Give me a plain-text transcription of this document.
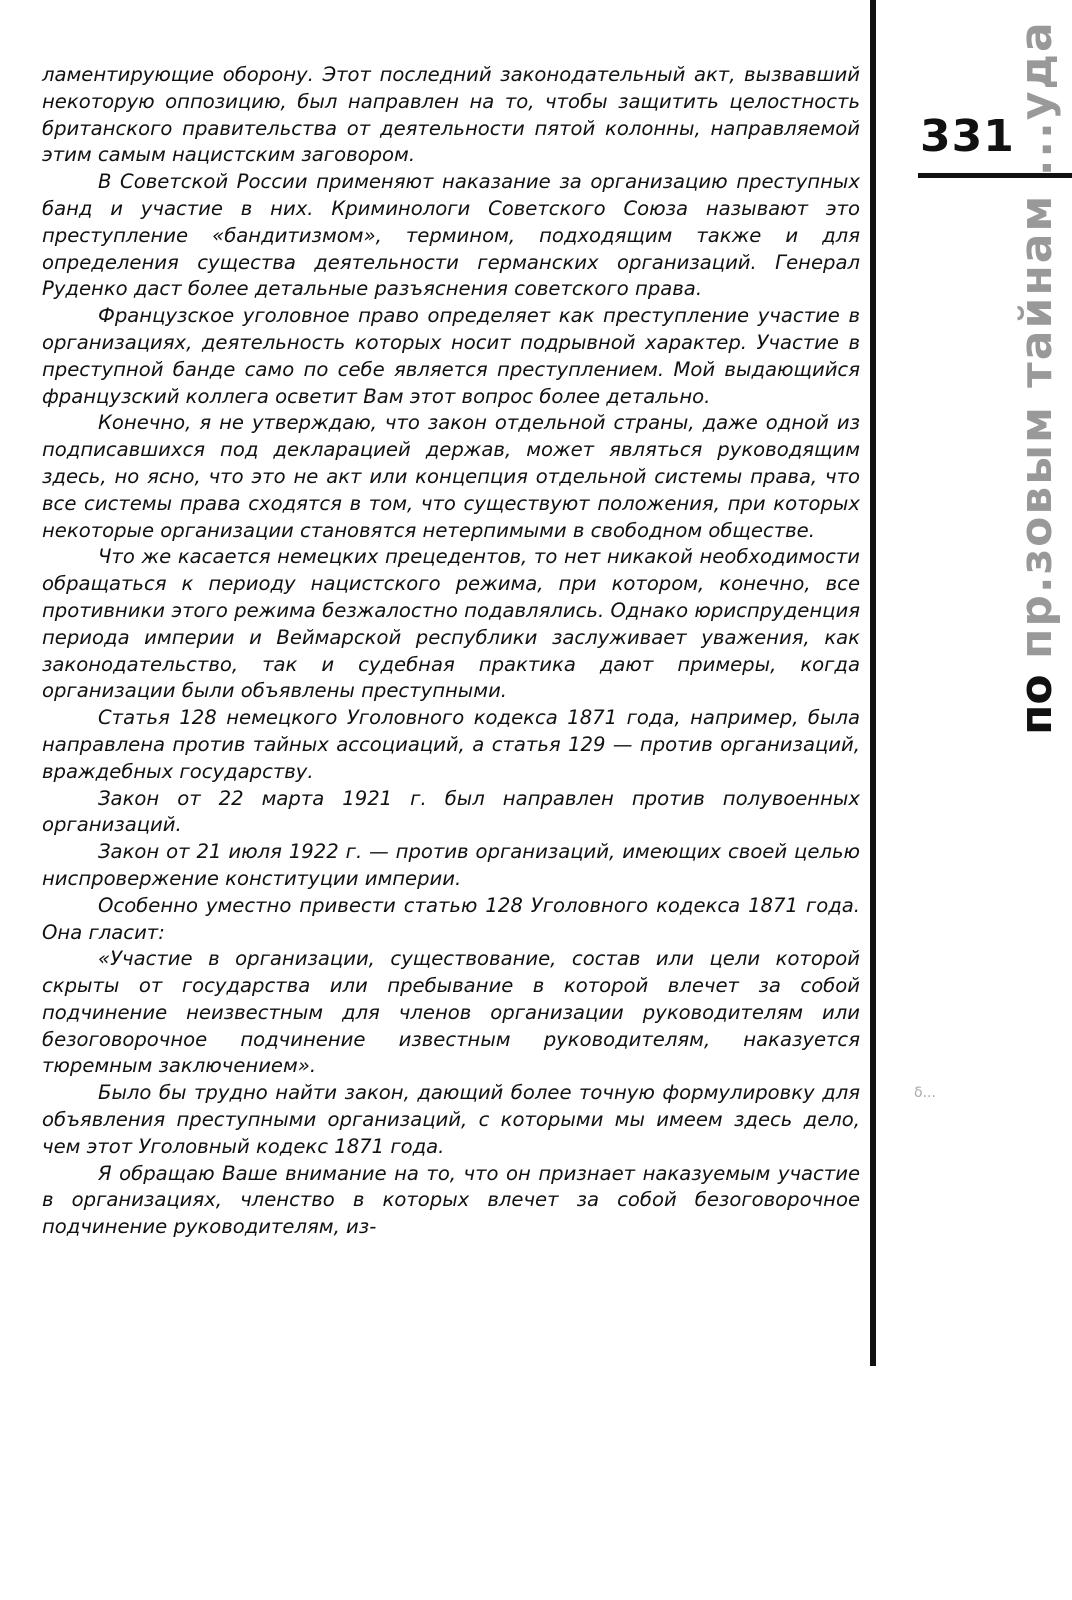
ламентирующие оборону. Этот последний законодательный акт, вызвавший некоторую оппозицию, был направлен на то, чтобы защитить целостность британского правительства от деятельности пятой колонны, направляемой этим самым нацистским заговором.

В Советской России применяют наказание за организацию преступных банд и участие в них. Криминологи Советского Союза называют это преступление «бандитизмом», термином, подходящим также и для определения существа деятельности германских организаций. Генерал Руденко даст более детальные разъяснения советского права.

Французское уголовное право определяет как преступление участие в организациях, деятельность которых носит подрывной характер. Участие в преступной банде само по себе является преступлением. Мой выдающийся французский коллега осветит Вам этот вопрос более детально.

Конечно, я не утверждаю, что закон отдельной страны, даже одной из подписавшихся под декларацией держав, может являться руководящим здесь, но ясно, что это не акт или концепция отдельной системы права, что все системы права сходятся в том, что существуют положения, при которых некоторые организации становятся нетерпимыми в свободном обществе.

Что же касается немецких прецедентов, то нет никакой необходимости обращаться к периоду нацистского режима, при котором, конечно, все противники этого режима безжалостно подавлялись. Однако юриспруденция периода империи и Веймарской республики заслуживает уважения, как законодательство, так и судебная практика дают примеры, когда организации были объявлены преступными.

Статья 128 немецкого Уголовного кодекса 1871 года, например, была направлена против тайных ассоциаций, а статья 129 — против организаций, враждебных государству.

Закон от 22 марта 1921 г. был направлен против полувоенных организаций.

Закон от 21 июля 1922 г. — против организаций, имеющих своей целью ниспровержение конституции империи.

Особенно уместно привести статью 128 Уголовного кодекса 1871 года. Она гласит:

«Участие в организации, существование, состав или цели которой скрыты от государства или пребывание в которой влечет за собой подчинение неизвестным для членов организации руководителям или безоговорочное подчинение известным руководителям, наказуется тюремным заключением».

Было бы трудно найти закон, дающий более точную формулировку для объявления преступными организаций, с которыми мы имеем здесь дело, чем этот Уголовный кодекс 1871 года.

Я обращаю Ваше внимание на то, что он признает наказуемым участие в организациях, членство в которых влечет за собой безоговорочное подчинение руководителям, из-

331
по пр.зовым тайнам ...уда
δ...
